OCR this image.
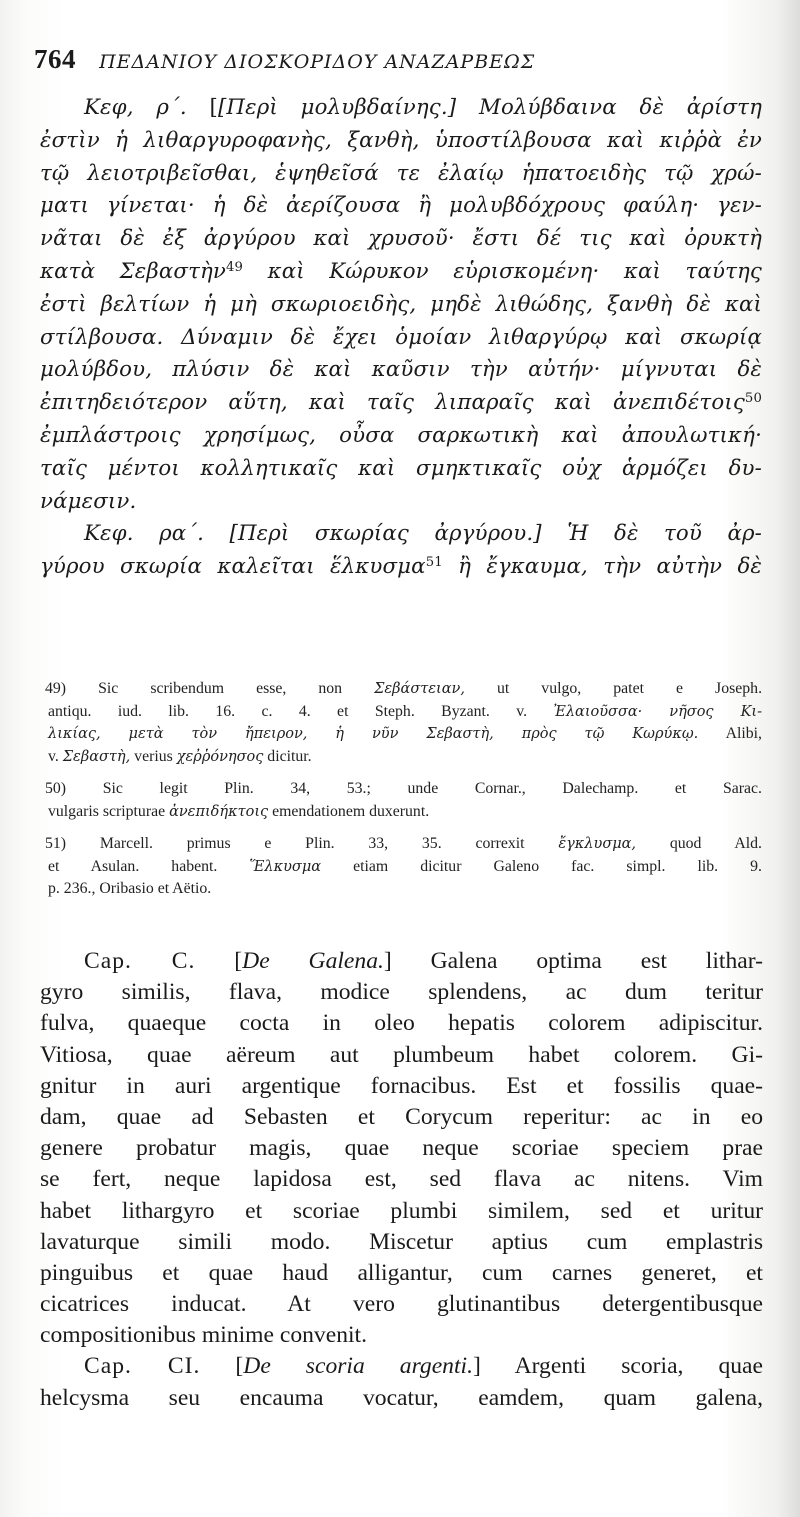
764 ΠΕΔΑΝΙΟΥ ΔΙΟΣΚΟΡΙΔΟΥ ΑΝΑΖΑΡΒΕΩΣ
Κεφ, ρ΄. [[Περὶ μολυβδαίνης.] Μολύβδαινα δὲ ἀρίστη
ἐστὶν ἡ λιθαργυροφανὴς, ξανθὴ, ὑποστίλβουσα καὶ κιῤῥὰ ἐν
τῷ λειοτριβεῖσθαι, ἑψηθεῖσά τε ἐλαίῳ ἡπατοειδὴς τῷ χρώ-
ματι γίνεται· ἡ δὲ ἀερίζουσα ἢ μολυβδόχρους φαύλη· γεν-
νᾶται δὲ ἐξ ἀργύρου καὶ χρυσοῦ· ἔστι δέ τις καὶ ὀρυκτὴ
κατὰ Σεβαστὴν$^{49}$ καὶ Κώρυκον εὑρισκομένη· καὶ ταύτης
ἐστὶ βελτίων ἡ μὴ σκωριοειδὴς, μηδὲ λιθώδης, ξανθὴ δὲ καὶ
στίλβουσα. Δύναμιν δὲ ἔχει ὁμοίαν λιθαργύρῳ καὶ σκωρίᾳ
μολύβδου, πλύσιν δὲ καὶ καῦσιν τὴν αὐτήν· μίγνυται δὲ
ἐπιτηδειότερον αὕτη, καὶ ταῖς λιπαραῖς καὶ ἀνεπιδέτοις$^{50}$
ἐμπλάστροις χρησίμως, οὖσα σαρκωτικὴ καὶ ἀπουλωτική·
ταῖς μέντοι κολλητικαῖς καὶ σμηκτικαῖς οὐχ ἁρμόζει δυ-
νάμεσιν.
Κεφ. ρα΄. [Περὶ σκωρίας ἀργύρου.] Ἡ δὲ τοῦ ἀρ-
γύρου σκωρία καλεῖται ἕλκυσμα$^{51}$ ἢ ἔγκαυμα, τὴν αὐτὴν δὲ
49) Sic scribendum esse, non Σεβάστειαν, ut vulgo, patet e Joseph.
antiqu. iud. lib. 16. c. 4. et Steph. Byzant. v. Ἐλαιοῦσσα· νῆσος Κι-
λικίας, μετὰ τὸν ἤπειρον, ἡ νῦν Σεβαστὴ, πρὸς τῷ Κωρύκῳ. Alibi,
v. Σεβαστὴ, verius χεῤῥόνησος dicitur.
50) Sic legit Plin. 34, 53.; unde Cornar., Dalechamp. et Sarac.
vulgaris scripturae ἀνεπιδήκτοις emendationem duxerunt.
51) Marcell. primus e Plin. 33, 35. correxit ἔγκλυσμα, quod Ald.
et Asulan. habent. Ἕλκυσμα etiam dicitur Galeno fac. simpl. lib. 9.
p. 236., Oribasio et Aëtio.
Cap. C. [De Galena.] Galena optima est lithar-
gyro similis, flava, modice splendens, ac dum teritur
fulva, quaeque cocta in oleo hepatis colorem adipiscitur.
Vitiosa, quae aëreum aut plumbeum habet colorem. Gi-
gnitur in auri argentique fornacibus. Est et fossilis quae-
dam, quae ad Sebasten et Corycum reperitur: ac in eo
genere probatur magis, quae neque scoriae speciem prae
se fert, neque lapidosa est, sed flava ac nitens. Vim
habet lithargyro et scoriae plumbi similem, sed et uritur
lavaturque simili modo. Miscetur aptius cum emplastris
pinguibus et quae haud alligantur, cum carnes generet, et
cicatrices inducat. At vero glutinantibus detergentibusque
compositionibus minime convenit.
Cap. CI. [De scoria argenti.] Argenti scoria, quae
helcysma seu encauma vocatur, eamdem, quam galena,
